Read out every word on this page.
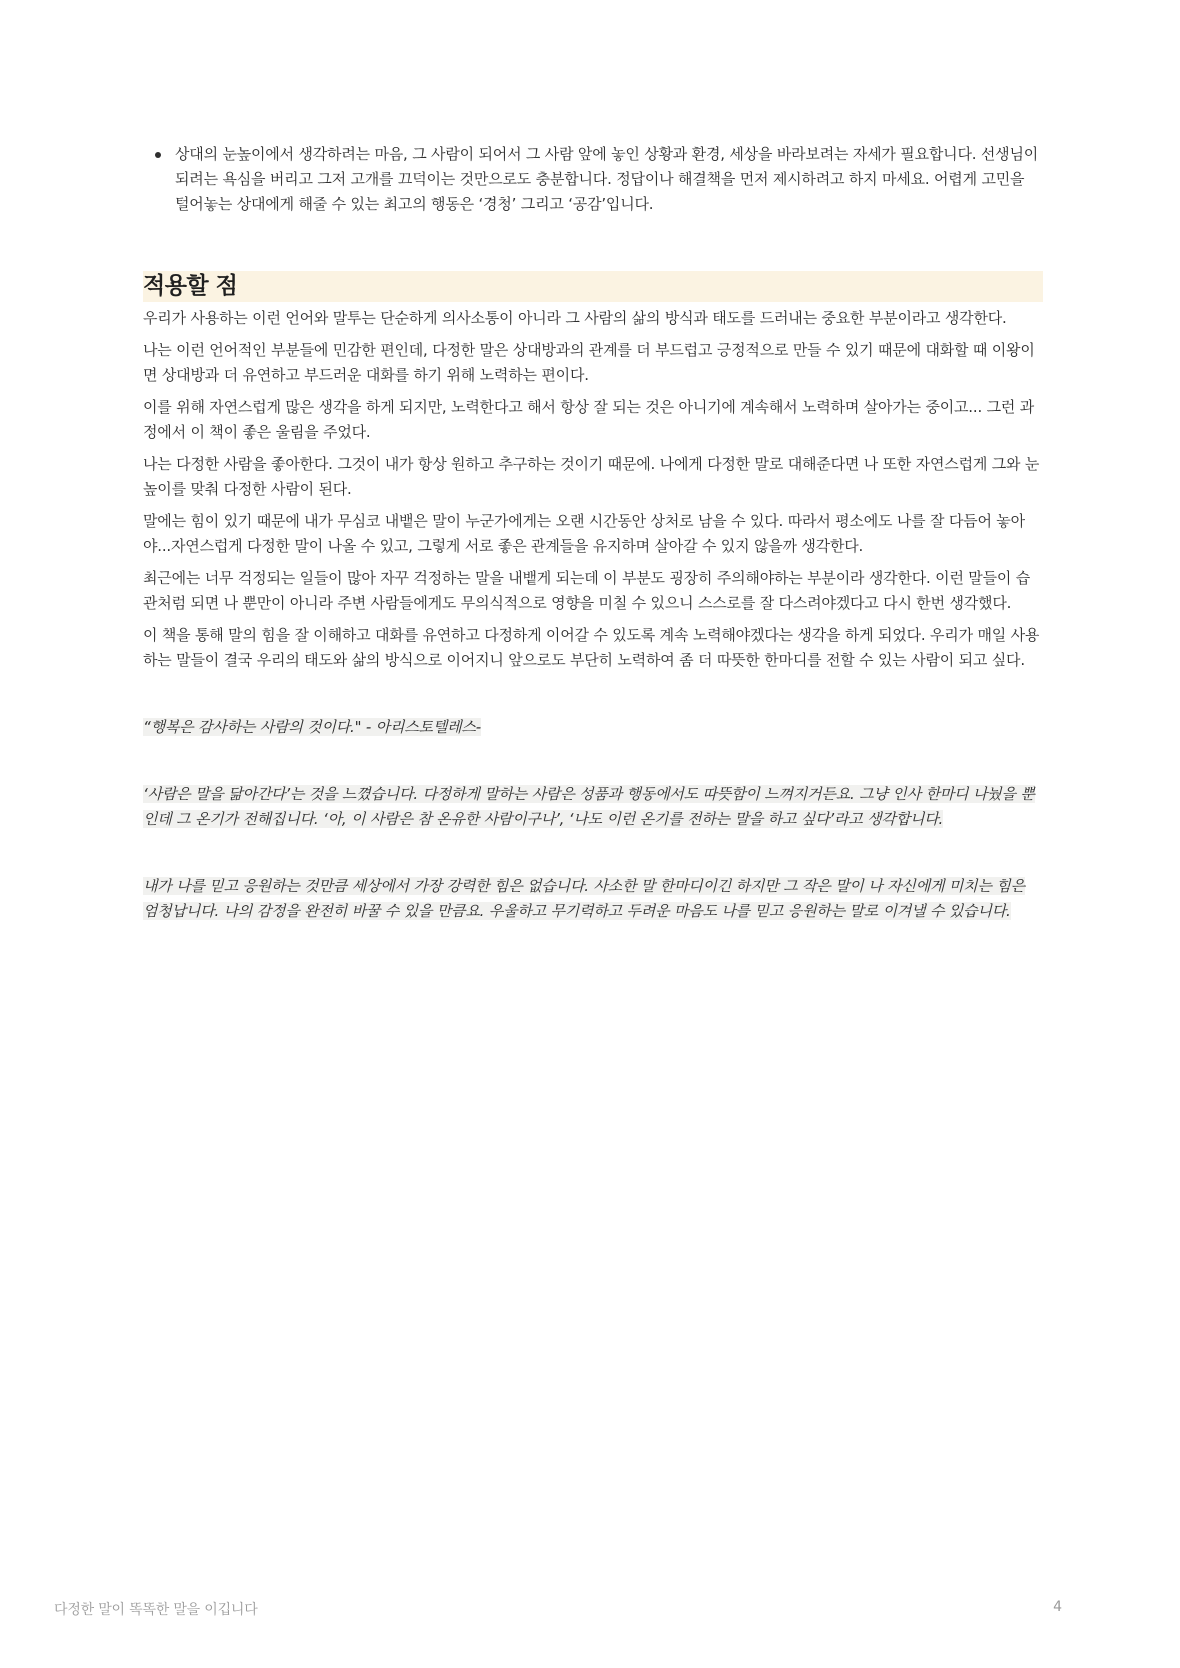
상대의 눈높이에서 생각하려는 마음, 그 사람이 되어서 그 사람 앞에 놓인 상황과 환경, 세상을 바라보려는 자세가 필요합니다. 선생님이 되려는 욕심을 버리고 그저 고개를 끄덕이는 것만으로도 충분합니다. 정답이나 해결책을 먼저 제시하려고 하지 마세요. 어렵게 고민을 털어놓는 상대에게 해줄 수 있는 최고의 행동은 ‘경청’ 그리고 ‘공감’입니다.
적용할 점

우리가 사용하는 이런 언어와 말투는 단순하게 의사소통이 아니라 그 사람의 삶의 방식과 태도를 드러내는 중요한 부분이라고 생각한다.

나는 이런 언어적인 부분들에 민감한 편인데, 다정한 말은 상대방과의 관계를 더 부드럽고 긍정적으로 만들 수 있기 때문에 대화할 때 이왕이면 상대방과 더 유연하고 부드러운 대화를 하기 위해 노력하는 편이다.

이를 위해 자연스럽게 많은 생각을 하게 되지만, 노력한다고 해서 항상 잘 되는 것은 아니기에 계속해서 노력하며 살아가는 중이고... 그런 과정에서 이 책이 좋은 울림을 주었다.

나는 다정한 사람을 좋아한다. 그것이 내가 항상 원하고 추구하는 것이기 때문에. 나에게 다정한 말로 대해준다면 나 또한 자연스럽게 그와 눈높이를 맞춰 다정한 사람이 된다.

말에는 힘이 있기 때문에 내가 무심코 내뱉은 말이 누군가에게는 오랜 시간동안 상처로 남을 수 있다. 따라서 평소에도 나를 잘 다듬어 놓아야...자연스럽게 다정한 말이 나올 수 있고, 그렇게 서로 좋은 관계들을 유지하며 살아갈 수 있지 않을까 생각한다.

최근에는 너무 걱정되는 일들이 많아 자꾸 걱정하는 말을 내뱉게 되는데 이 부분도 굉장히 주의해야하는 부분이라 생각한다. 이런 말들이 습관처럼 되면 나 뿐만이 아니라 주변 사람들에게도 무의식적으로 영향을 미칠 수 있으니 스스로를 잘 다스려야겠다고 다시 한번 생각했다.

이 책을 통해 말의 힘을 잘 이해하고 대화를 유연하고 다정하게 이어갈 수 있도록 계속 노력해야겠다는 생각을 하게 되었다. 우리가 매일 사용하는 말들이 결국 우리의 태도와 삶의 방식으로 이어지니 앞으로도 부단히 노력하여 좀 더 따뜻한 한마디를 전할 수 있는 사람이 되고 싶다.

“행복은 감사하는 사람의 것이다." - 아리스토텔레스-

‘사람은 말을 닮아간다’는 것을 느꼈습니다. 다정하게 말하는 사람은 성품과 행동에서도 따뜻함이 느껴지거든요. 그냥 인사 한마디 나눴을 뿐인데 그 온기가 전해집니다. ‘아, 이 사람은 참 온유한 사람이구나’, ‘나도 이런 온기를 전하는 말을 하고 싶다’라고 생각합니다.

내가 나를 믿고 응원하는 것만큼 세상에서 가장 강력한 힘은 없습니다. 사소한 말 한마디이긴 하지만 그 작은 말이 나 자신에게 미치는 힘은 엄청납니다. 나의 감정을 완전히 바꿀 수 있을 만큼요. 우울하고 무기력하고 두려운 마음도 나를 믿고 응원하는 말로 이겨낼 수 있습니다.

다정한 말이 똑똑한 말을 이깁니다	4
